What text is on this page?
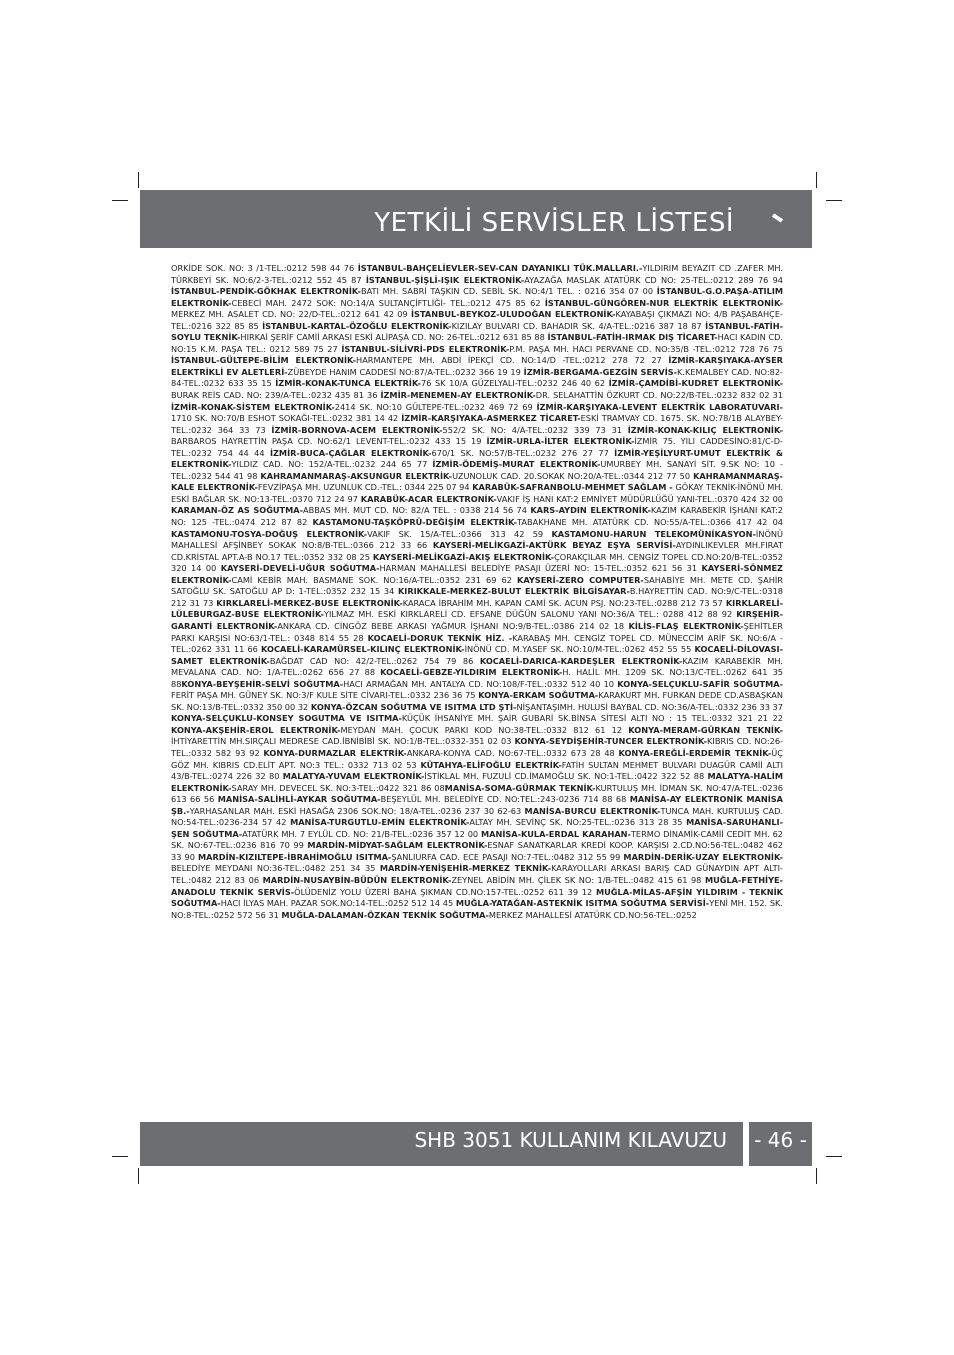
YETKİLİ SERVİSLER LİSTESİ

ORKİDE SOK. NO: 3 /1-TEL.:0212 598 44 76 İSTANBUL-BAHÇELİEVLER-SEV-CAN DAYANIKLI TÜK.MALLARI.-YILDIRIM BEYAZIT CD .ZAFER MH. TÜRKBEYİ SK. NO:6/2-3-TEL.:0212 552 45 87 İSTANBUL-ŞİŞLİ-IŞIK ELEKTRONİK-AYAZAĞA MASLAK ATATÜRK CD NO: 25-TEL.:0212 289 76 94 İSTANBUL-PENDİK-GÖKHAK ELEKTRONİK-BATI MH. SABRİ TAŞKIN CD. SEBİL SK. NO:4/1 TEL. : 0216 354 07 00 İSTANBUL-G.O.PAŞA-ATILIM ELEKTRONİK-CEBECİ MAH. 2472 SOK: NO:14/A SULTANÇİFTLİĞİ- TEL.:0212 475 85 62 İSTANBUL-GÜNGÖREN-NUR ELEKTRİK ELEKTRONİK-MERKEZ MH. ASALET CD. NO: 22/D-TEL.:0212 641 42 09 İSTANBUL-BEYKOZ-ULUDOĞAN ELEKTRONİK-KAYABAŞI ÇIKMAZI NO: 4/B PAŞABAHÇE-TEL.:0216 322 85 85 İSTANBUL-KARTAL-ÖZOĞLU ELEKTRONİK-KIZILAY BULVARI CD. BAHADIR SK. 4/A-TEL.:0216 387 18 87 İSTANBUL-FATİH-SOYLU TEKNİK-HIRKAİ ŞERİF CAMİİ ARKASI ESKİ ALİPAŞA CD. NO: 26-TEL.:0212 631 85 88 İSTANBUL-FATİH-IRMAK DIŞ TİCARET-HACI KADIN CD. NO:15 K.M. PAŞA TEL.: 0212 589 75 27 İSTANBUL-SİLİVRİ-PDS ELEKTRONİK-P.M. PAŞA MH. HACI PERVANE CD. NO:35/B -TEL.:0212 728 76 75 İSTANBUL-GÜLTEPE-BİLİM ELEKTRONİK-HARMANTEPE MH. ABDİ İPEKÇİ CD. NO:14/D -TEL.:0212 278 72 27 İZMİR-KARŞIYAKA-AYSER ELEKTRİKLİ EV ALETLERİ-ZÜBEYDE HANIM CADDESİ NO:87/A-TEL.:0232 366 19 19 İZMİR-BERGAMA-GEZGİN SERVİS-K.KEMALBEY CAD. NO:82-84-TEL.:0232 633 35 15 İZMİR-KONAK-TUNCA ELEKTRİK-76 SK 10/A GÜZELYALI-TEL.:0232 246 40 62 İZMİR-ÇAMDİBİ-KUDRET ELEKTRONİK-BURAK REİS CAD. NO: 239/A-TEL.:0232 435 81 36 İZMİR-MENEMEN-AY ELEKTRONİK-DR. SELAHATTİN ÖZKURT CD. NO:22/B-TEL.:0232 832 02 31 İZMİR-KONAK-SİSTEM ELEKTRONİK-2414 SK. NO:10 GÜLTEPE-TEL.:0232 469 72 69 İZMİR-KARŞIYAKA-LEVENT ELEKTRİK LABORATUVARI-1710 SK. NO:70/B ESHOT SOKAĞI-TEL.:0232 381 14 42 İZMİR-KARŞIYAKA-ASMERKEZ TİCARET-ESKİ TRAMVAY CD. 1675. SK. NO:78/1B ALAYBEY-TEL.:0232 364 33 73 İZMİR-BORNOVA-ACEM ELEKTRONİK-552/2 SK. NO: 4/A-TEL.:0232 339 73 31 İZMİR-KONAK-KILIÇ ELEKTRONİK-BARBAROS HAYRETTİN PAŞA CD. NO:62/1 LEVENT-TEL.:0232 433 15 19 İZMİR-URLA-İLTER ELEKTRONİK-İZMİR 75. YILI CADDESİNO:81/C-D-TEL.:0232 754 44 44 İZMİR-BUCA-ÇAĞLAR ELEKTRONİK-670/1 SK. NO:57/B-TEL.:0232 276 27 77 İZMİR-YEŞİLYURT-UMUT ELEKTRİK & ELEKTRONİK-YILDIZ CAD. NO: 152/A-TEL.:0232 244 65 77 İZMİR-ÖDEMİŞ-MURAT ELEKTRONİK-UMURBEY MH. SANAYİ SİT. 9.SK NO: 10 -TEL.:0232 544 41 98 KAHRAMANMARAŞ-AKSUNGUR ELEKTRİK-UZUNOLUK CAD. 20.SOKAK NO:20/A-TEL.:0344 212 77 50 KAHRAMANMARAŞ-KALE ELEKTRONİK-FEVZİPAŞA MH. UZUNLUK CD.-TEL.: 0344 225 07 94 KARABÜK-SAFRANBOLU-MEHMET SAĞLAM - GÖKAY TEKNİK-İNÖNÜ MH. ESKİ BAĞLAR SK. NO:13-TEL.:0370 712 24 97 KARABÜK-ACAR ELEKTRONİK-VAKIF İŞ HANI KAT:2 EMNİYET MÜDÜRLÜĞÜ YANI-TEL.:0370 424 32 00 KARAMAN-ÖZ AS SOĞUTMA-ABBAS MH. MUT CD. NO: 82/A TEL. : 0338 214 56 74 KARS-AYDIN ELEKTRONİK-KAZIM KARABEKİR İŞHANI KAT:2 NO: 125 -TEL.:0474 212 87 82 KASTAMONU-TAŞKÖPRÜ-DEĞİŞİM ELEKTRİK-TABAKHANE MH. ATATÜRK CD. NO:55/A-TEL.:0366 417 42 04 KASTAMONU-TOSYA-DOĞUŞ ELEKTRONİK-VAKIF SK. 15/A-TEL.:0366 313 42 59 KASTAMONU-HARUN TELEKOMÜNİKASYON-İNÖNÜ MAHALLESİ AFŞİNBEY SOKAK NO:8/B-TEL.:0366 212 33 66 KAYSERİ-MELİKGAZİ-AKTÜRK BEYAZ EŞYA SERVİSİ-AYDINLIKEVLER MH.FIRAT CD.KRİSTAL APT.A-B NO.17 TEL.:0352 332 08 25 KAYSERİ-MELİKGAZİ-AKIŞ ELEKTRONİK-ÇORAKÇILAR MH. CENGİZ TOPEL CD.NO:20/B-TEL.:0352 320 14 00 KAYSERİ-DEVELİ-UĞUR SOĞUTMA-HARMAN MAHALLESİ BELEDİYE PASAJI ÜZERİ NO: 15-TEL.:0352 621 56 31 KAYSERİ-SÖNMEZ ELEKTRONİK-CAMİ KEBİR MAH. BASMANE SOK. NO:16/A-TEL.:0352 231 69 62 KAYSERİ-ZERO COMPUTER-SAHABİYE MH. METE CD. ŞAHİR SATOĞLU SK. SATOĞLU AP D: 1-TEL.:0352 232 15 34 KIRIKKALE-MERKEZ-BULUT ELEKTRİK BİLGİSAYAR-B.HAYRETTİN CAD. NO:9/C-TEL.:0318 212 31 73 KIRKLARELİ-MERKEZ-BUSE ELEKTRONİK-KARACA İBRAHİM MH. KAPAN CAMİ SK. ACUN PSJ. NO:23-TEL.:0288 212 73 57 KIRKLARELİ-LÜLEBURGAZ-BUSE ELEKTRONİK-YILMAZ MH. ESKİ KIRKLARELİ CD. EFSANE DÜĞÜN SALONU YANI NO:36/A TEL.: 0288 412 88 92 KIRŞEHİR-GARANTİ ELEKTRONİK-ANKARA CD. CİNGÖZ BEBE ARKASI YAĞMUR İŞHANI NO:9/B-TEL.:0386 214 02 18 KİLİS-FLAŞ ELEKTRONİK-ŞEHİTLER PARKI KARŞISI NO:63/1-TEL.: 0348 814 55 28 KOCAELİ-DORUK TEKNİK HİZ. -KARABAŞ MH. CENGİZ TOPEL CD. MÜNECCİM ARİF SK. NO:6/A -TEL.:0262 331 11 66 KOCAELİ-KARAMÜRSEL-KILINÇ ELEKTRONİK-İNÖNÜ CD. M.YASEF SK. NO:10/M-TEL.:0262 452 55 55 KOCAELİ-DİLOVASI-SAMET ELEKTRONİK-BAĞDAT CAD NO: 42/2-TEL.:0262 754 79 86 KOCAELİ-DARICA-KARDEŞLER ELEKTRONİK-KAZIM KARABEKİR MH. MEVALANA CAD. NO: 1/A-TEL.:0262 656 27 88 KOCAELİ-GEBZE-YILDIRIM ELEKTRONİK-H. HALİL MH. 1209 SK. NO:13/C-TEL.:0262 641 35 88KONYA-BEYŞEHİR-SELVİ SOĞUTMA-HACI ARMAĞAN MH. ANTALYA CD. NO:108/F-TEL.:0332 512 40 10 KONYA-SELÇUKLU-SAFİR SOĞUTMA-FERİT PAŞA MH. GÜNEY SK. NO:3/F KULE SİTE CİVARI-TEL.:0332 236 36 75 KONYA-ERKAM SOĞUTMA-KARAKURT MH. FURKAN DEDE CD.ASBAŞKAN SK. NO:13/B-TEL.:0332 350 00 32 KONYA-ÖZCAN SOĞUTMA VE ISITMA LTD ŞTİ-NİŞANTAŞIMH. HULUSİ BAYBAL CD. NO:36/A-TEL.:0332 236 33 37 KONYA-SELÇUKLU-KONSEY SOGUTMA VE ISITMA-KÜÇÜK İHSANİYE MH. ŞAİR GUBARİ SK.BİNSA SİTESİ ALTI NO : 15 TEL.:0332 321 21 22 KONYA-AKŞEHİR-EROL ELEKTRONİK-MEYDAN MAH. ÇOCUK PARKI KOD NO:38-TEL.:0332 812 61 12 KONYA-MERAM-GÜRKAN TEKNİK-İHTİYARETTİN MH.SIRÇALI MEDRESE CAD.İBNİBİBİ SK. NO:1/B-TEL.:0332-351 02 03 KONYA-SEYDİŞEHİR-TUNCER ELEKTRONİK-KIBRIS CD. NO:26-TEL.:0332 582 93 92 KONYA-DURMAZLAR ELEKTRİK-ANKARA-KONYA CAD. NO:67-TEL.:0332 673 28 48 KONYA-EREĞLİ-ERDEMİR TEKNİK-ÜÇ GÖZ MH. KIBRIS CD.ELİT APT. NO:3 TEL.: 0332 713 02 53 KÜTAHYA-ELİFOĞLU ELEKTRİK-FATİH SULTAN MEHMET BULVARI DUAGÜR CAMİİ ALTI 43/B-TEL.:0274 226 32 80 MALATYA-YUVAM ELEKTRONİK-İSTİKLAL MH. FUZULİ CD.İMAMOĞLU SK. NO:1-TEL.:0422 322 52 88 MALATYA-HALİM ELEKTRONİK-SARAY MH. DEVECEL SK. NO:3-TEL.:0422 321 86 08MANİSA-SOMA-GÜRMAK TEKNİK-KURTULUŞ MH. İDMAN SK. NO:47/A-TEL.:0236 613 66 56 MANİSA-SALİHLİ-AYKAR SOĞUTMA-BEŞEYLÜL MH. BELEDİYE CD. NO:TEL.:243-0236 714 88 68 MANİSA-AY ELEKTRONİK MANİSA ŞB.-YARHASANLAR MAH. ESKİ HASAĞA 2306 SOK.NO: 18/A-TEL.:0236 237 30 62-63 MANİSA-BURCU ELEKTRONİK-TUNCA MAH. KURTULUŞ CAD. NO:54-TEL.:0236-234 57 42 MANİSA-TURGUTLU-EMİN ELEKTRONİK-ALTAY MH. SEVİNÇ SK. NO:25-TEL.:0236 313 28 35 MANİSA-SARUHANLI-ŞEN SOĞUTMA-ATATÜRK MH. 7 EYLÜL CD. NO: 21/B-TEL.:0236 357 12 00 MANİSA-KULA-ERDAL KARAHAN-TERMO DİNAMİK-CAMİİ CEDİT MH. 62 SK. NO:67-TEL.:0236 816 70 99 MARDİN-MİDYAT-SAĞLAM ELEKTRONİK-ESNAF SANATKARLAR KREDİ KOOP. KARŞISI 2.CD.NO:56-TEL.:0482 462 33 90 MARDİN-KIZILTEPE-İBRAHİMOĞLU ISITMA-ŞANLIURFA CAD. ECE PASAJI NO:7-TEL.:0482 312 55 99 MARDİN-DERİK-UZAY ELEKTRONİK-BELEDİYE MEYDANI NO:36-TEL.:0482 251 34 35 MARDİN-YENİŞEHİR-MERKEZ TEKNİK-KARAYOLLARI ARKASI BARIŞ CAD GÜNAYDIN APT ALTI-TEL.:0482 212 83 06 MARDİN-NUSAYBİN-BÜDÜN ELEKTRONİK-ZEYNEL ABİDİN MH. ÇİLEK SK NO: 1/B-TEL.:0482 415 61 98 MUĞLA-FETHİYE-ANADOLU TEKNİK SERVİS-ÖLÜDENİZ YOLU ÜZERİ BAHA ŞIKMAN CD.NO:157-TEL.:0252 611 39 12 MUĞLA-MİLAS-AFŞİN YILDIRIM - TEKNİK SOĞUTMA-HACI İLYAS MAH. PAZAR SOK.NO:14-TEL.:0252 512 14 45 MUĞLA-YATAĞAN-ASTEKNİK ISITMA SOĞUTMA SERVİSİ-YENİ MH. 152. SK. NO:8-TEL.:0252 572 56 31 MUĞLA-DALAMAN-ÖZKAN TEKNİK SOĞUTMA-MERKEZ MAHALLESİ ATATÜRK CD.NO:56-TEL.:0252

SHB 3051 KULLANIM KILAVUZU - 46 -
